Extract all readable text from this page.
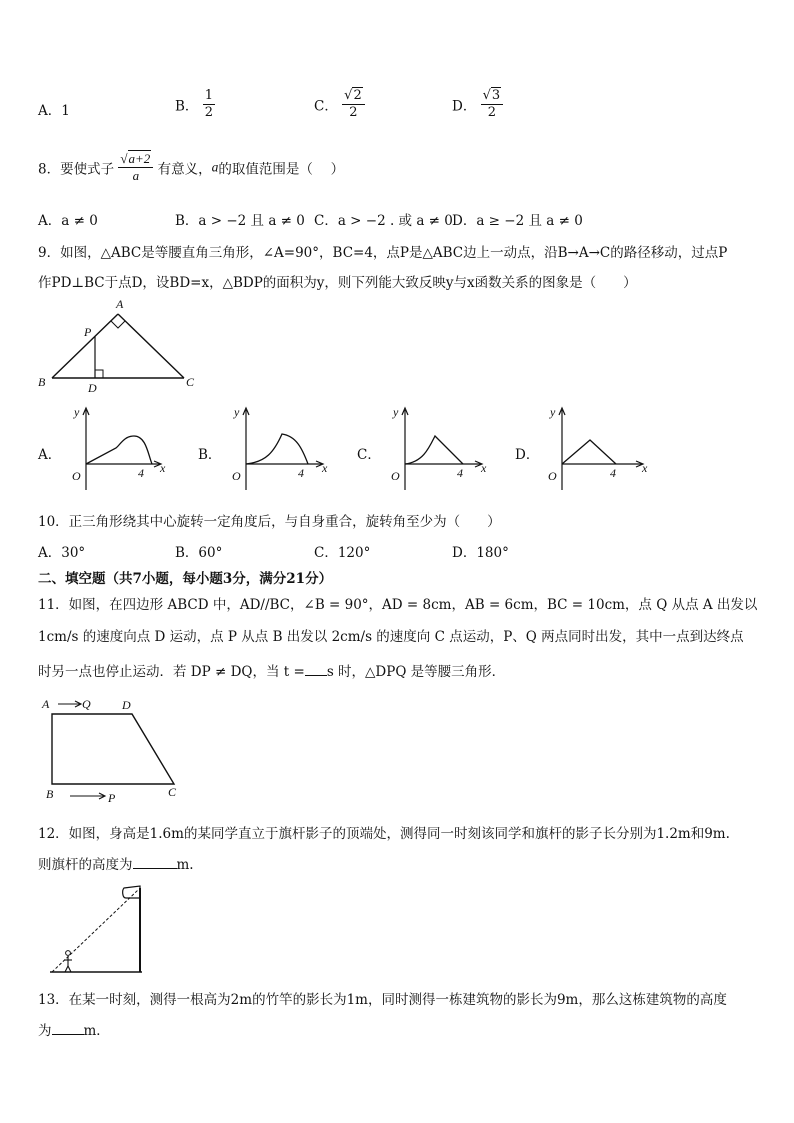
A．1	B． $\frac{1}{2}$	C． $\frac{√2}{2}$	D． $\frac{√3}{2}$
8．要使式子 $\frac{√a+2}{a}$ 有意义，a的取值范围是（　 ）
A．a ≠ 0	B．a > −2 且 a ≠ 0 C．a > −2 . 或 a ≠ 0 D．a ≥ −2 且 a ≠ 0
9．如图，△ABC是等腰直角三角形，∠A=90°，BC=4，点P是△ABC边上一动点，沿B→A→C的路径移动，过点P
作PD⊥BC于点D，设BD=x，△BDP的面积为y，则下列能大致反映y与x函数关系的图象是（　　）
A
P
B	D	C
A．
y
O	4 x
B．
y
O	4 x
C．
y
O	4 x
D．
y
O	4 x
10．正三角形绕其中心旋转一定角度后，与自身重合，旋转角至少为（　　）
A．30°	B．60°	C．120°	D．180°
二、填空题（共7小题，每小题3分，满分21分）
11．如图，在四边形 ABCD 中，AD//BC，∠B = 90°，AD = 8cm，AB = 6cm，BC = 10cm，点 Q 从点 A 出发以
1cm/s 的速度向点 D 运动，点 P 从点 B 出发以 2cm/s 的速度向 C 点运动，P、Q 两点同时出发，其中一点到达终点
时另一点也停止运动．若 DP ≠ DQ，当 t = s 时，△DPQ 是等腰三角形．
A	Q	D
B	P	C
12．如图，身高是1.6m的某同学直立于旗杆影子的顶端处，测得同一时刻该同学和旗杆的影子长分别为1.2m和9m.
则旗杆的高度为	m.
13．在某一时刻，测得一根高为2m的竹竿的影长为1m，同时测得一栋建筑物的影长为9m，那么这栋建筑物的高度
为 m．
